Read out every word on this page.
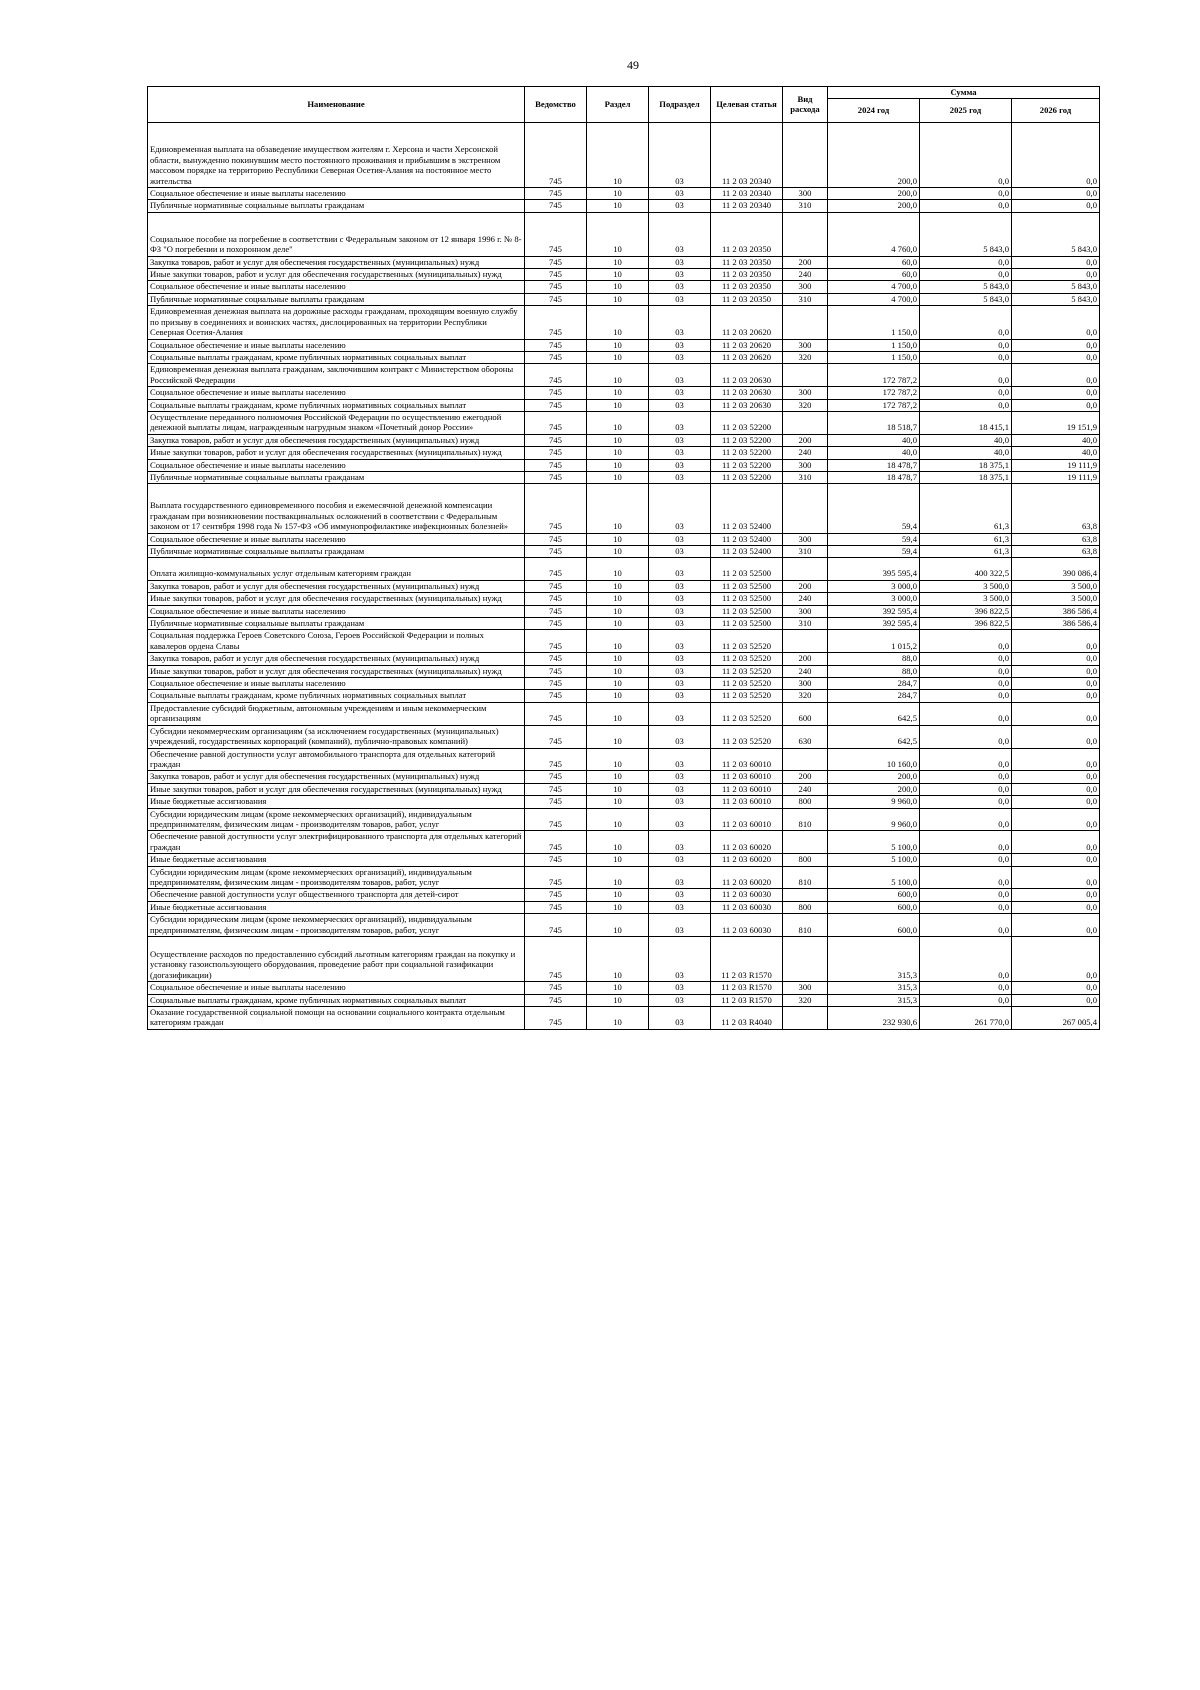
49
Наименование	Ведомство	Раздел	Подраздел	Целевая статья	Вид расхода	Сумма		
						2024 год	2025 год	2026 год
Единовременная выплата на обзаведение имуществом жителям г. Херсона и части Херсонской области, вынужденно покинувшим место постоянного проживания и прибывшим в экстренном массовом порядке на территорию Республики Северная Осетия-Алания на постоянное место жительства	745	10	03	11 2 03 20340		200,0	0,0	0,0
Социальное обеспечение и иные выплаты населению	745	10	03	11 2 03 20340	300	200,0	0,0	0,0
Публичные нормативные социальные выплаты гражданам	745	10	03	11 2 03 20340	310	200,0	0,0	0,0
Социальное пособие на погребение в соответствии с Федеральным законом от 12 января 1996 г. № 8-ФЗ "О погребении и похоронном деле"	745	10	03	11 2 03 20350		4 760,0	5 843,0	5 843,0
Закупка товаров, работ и услуг для обеспечения государственных (муниципальных) нужд	745	10	03	11 2 03 20350	200	60,0	0,0	0,0
Иные закупки товаров, работ и услуг для обеспечения государственных (муниципальных) нужд	745	10	03	11 2 03 20350	240	60,0	0,0	0,0
Социальное обеспечение и иные выплаты населению	745	10	03	11 2 03 20350	300	4 700,0	5 843,0	5 843,0
Публичные нормативные социальные выплаты гражданам	745	10	03	11 2 03 20350	310	4 700,0	5 843,0	5 843,0
Единовременная денежная выплата на дорожные расходы гражданам, проходящим военную службу по призыву в соединениях и воинских частях, дислоцированных на территории Республики Северная Осетия-Алания	745	10	03	11 2 03 20620		1 150,0	0,0	0,0
Социальное обеспечение и иные выплаты населению	745	10	03	11 2 03 20620	300	1 150,0	0,0	0,0
Социальные выплаты гражданам, кроме публичных нормативных социальных выплат	745	10	03	11 2 03 20620	320	1 150,0	0,0	0,0
Единовременная денежная выплата гражданам, заключившим контракт с Министерством обороны Российской Федерации	745	10	03	11 2 03 20630		172 787,2	0,0	0,0
Социальное обеспечение и иные выплаты населению	745	10	03	11 2 03 20630	300	172 787,2	0,0	0,0
Социальные выплаты гражданам, кроме публичных нормативных социальных выплат	745	10	03	11 2 03 20630	320	172 787,2	0,0	0,0
Осуществление переданного полномочия Российской Федерации по осуществлению ежегодной денежной выплаты лицам, награжденным нагрудным знаком «Почетный донор России»	745	10	03	11 2 03 52200		18 518,7	18 415,1	19 151,9
Закупка товаров, работ и услуг для обеспечения государственных (муниципальных) нужд	745	10	03	11 2 03 52200	200	40,0	40,0	40,0
Иные закупки товаров, работ и услуг для обеспечения государственных (муниципальных) нужд	745	10	03	11 2 03 52200	240	40,0	40,0	40,0
Социальное обеспечение и иные выплаты населению	745	10	03	11 2 03 52200	300	18 478,7	18 375,1	19 111,9
Публичные нормативные социальные выплаты гражданам	745	10	03	11 2 03 52200	310	18 478,7	18 375,1	19 111,9
Выплата государственного единовременного пособия и ежемесячной денежной компенсации гражданам при возникновении поствакцинальных осложнений в соответствии с Федеральным законом от 17 сентября 1998 года № 157-ФЗ «Об иммунопрофилактике инфекционных болезней»	745	10	03	11 2 03 52400		59,4	61,3	63,8
Социальное обеспечение и иные выплаты населению	745	10	03	11 2 03 52400	300	59,4	61,3	63,8
Публичные нормативные социальные выплаты гражданам	745	10	03	11 2 03 52400	310	59,4	61,3	63,8
Оплата жилищно-коммунальных услуг отдельным категориям граждан	745	10	03	11 2 03 52500		395 595,4	400 322,5	390 086,4
Закупка товаров, работ и услуг для обеспечения государственных (муниципальных) нужд	745	10	03	11 2 03 52500	200	3 000,0	3 500,0	3 500,0
Иные закупки товаров, работ и услуг для обеспечения государственных (муниципальных) нужд	745	10	03	11 2 03 52500	240	3 000,0	3 500,0	3 500,0
Социальное обеспечение и иные выплаты населению	745	10	03	11 2 03 52500	300	392 595,4	396 822,5	386 586,4
Публичные нормативные социальные выплаты гражданам	745	10	03	11 2 03 52500	310	392 595,4	396 822,5	386 586,4
Социальная поддержка Героев Советского Союза, Героев Российской Федерации и полных кавалеров ордена Славы	745	10	03	11 2 03 52520		1 015,2	0,0	0,0
Закупка товаров, работ и услуг для обеспечения государственных (муниципальных) нужд	745	10	03	11 2 03 52520	200	88,0	0,0	0,0
Иные закупки товаров, работ и услуг для обеспечения государственных (муниципальных) нужд	745	10	03	11 2 03 52520	240	88,0	0,0	0,0
Социальное обеспечение и иные выплаты населению	745	10	03	11 2 03 52520	300	284,7	0,0	0,0
Социальные выплаты гражданам, кроме публичных нормативных социальных выплат	745	10	03	11 2 03 52520	320	284,7	0,0	0,0
Предоставление субсидий бюджетным, автономным учреждениям и иным некоммерческим организациям	745	10	03	11 2 03 52520	600	642,5	0,0	0,0
Субсидии некоммерческим организациям (за исключением государственных (муниципальных) учреждений, государственных корпораций (компаний), публично-правовых компаний)	745	10	03	11 2 03 52520	630	642,5	0,0	0,0
Обеспечение равной доступности услуг автомобильного транспорта для отдельных категорий граждан	745	10	03	11 2 03 60010		10 160,0	0,0	0,0
Закупка товаров, работ и услуг для обеспечения государственных (муниципальных) нужд	745	10	03	11 2 03 60010	200	200,0	0,0	0,0
Иные закупки товаров, работ и услуг для обеспечения государственных (муниципальных) нужд	745	10	03	11 2 03 60010	240	200,0	0,0	0,0
Иные бюджетные ассигнования	745	10	03	11 2 03 60010	800	9 960,0	0,0	0,0
Субсидии юридическим лицам (кроме некоммерческих организаций), индивидуальным предпринимателям, физическим лицам - производителям товаров, работ, услуг	745	10	03	11 2 03 60010	810	9 960,0	0,0	0,0
Обеспечение равной доступности услуг электрифицированного транспорта для отдельных категорий граждан	745	10	03	11 2 03 60020		5 100,0	0,0	0,0
Иные бюджетные ассигнования	745	10	03	11 2 03 60020	800	5 100,0	0,0	0,0
Субсидии юридическим лицам (кроме некоммерческих организаций), индивидуальным предпринимателям, физическим лицам - производителям товаров, работ, услуг	745	10	03	11 2 03 60020	810	5 100,0	0,0	0,0
Обеспечение равной доступности услуг общественного транспорта для детей-сирот	745	10	03	11 2 03 60030		600,0	0,0	0,0
Иные бюджетные ассигнования	745	10	03	11 2 03 60030	800	600,0	0,0	0,0
Субсидии юридическим лицам (кроме некоммерческих организаций), индивидуальным предпринимателям, физическим лицам - производителям товаров, работ, услуг	745	10	03	11 2 03 60030	810	600,0	0,0	0,0
Осуществление расходов по предоставлению субсидий льготным категориям граждан на покупку и установку газоиспользующего оборудования, проведение работ при социальной газификации (догазификации)	745	10	03	11 2 03 R1570		315,3	0,0	0,0
Социальное обеспечение и иные выплаты населению	745	10	03	11 2 03 R1570	300	315,3	0,0	0,0
Социальные выплаты гражданам, кроме публичных нормативных социальных выплат	745	10	03	11 2 03 R1570	320	315,3	0,0	0,0
Оказание государственной социальной помощи на основании социального контракта отдельным категориям граждан	745	10	03	11 2 03 R4040		232 930,6	261 770,0	267 005,4
